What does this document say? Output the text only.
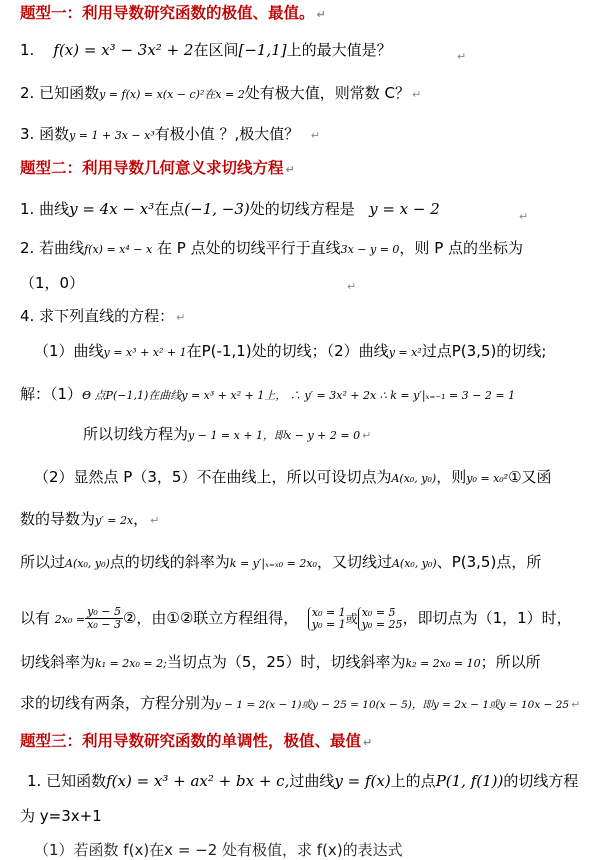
题型一：利用导数研究函数的极值、最值。 ↵
1. f(x) = x³ − 3x² + 2在区间[−1,1]上的最大值是？	↵
2. 已知函数y = f(x) = x(x − c)²在x = 2处有极大值，则常数 C？ ↵
3. 函数y = 1 + 3x − x³有极小值 ？,极大值？ ↵
题型二：利用导数几何意义求切线方程 ↵
1. 曲线y = 4x − x³在点(−1, −3)处的切线方程是 y = x − 2	↵
2. 若曲线f(x) = x⁴ − x 在 P 点处的切线平行于直线3x − y = 0，则 P 点的坐标为
（1，0）	↵
4. 求下列直线的方程： ↵
（1）曲线y = x³ + x² + 1在P(-1,1)处的切线；（2）曲线y = x²过点P(3,5)的切线;
解：（1）Θ 点P(−1,1)在曲线y = x³ + x² + 1上， ∴ y′ = 3x² + 2x ∴ k = y′|ₓ₌₋₁ = 3 − 2 = 1
所以切线方程为y − 1 = x + 1，即x − y + 2 = 0 ↵
（2）显然点 P（3，5）不在曲线上，所以可设切点为A(x₀, y₀)，则y₀ = x₀²①又函
数的导数为y′ = 2x， ↵
所以过A(x₀, y₀)点的切线的斜率为k = y′|ₓ₌ₓ₀ = 2x₀，又切线过A(x₀, y₀)、P(3,5)点，所
以有 $2x_0 = \frac{\text{y₀ − 5}}{\text{x₀ − 3}}$ ②，由①②联立方程组得， x₀ = 1
y₀ = 1 或 x₀ = 5
y₀ = 25 ，即切点为（1，1）时，
切线斜率为k₁ = 2x₀ = 2;当切点为（5，25）时，切线斜率为k₂ = 2x₀ = 10；所以所
求的切线有两条，方程分别为y − 1 = 2(x − 1)或y − 25 = 10(x − 5)，即y = 2x − 1或y = 10x − 25 ↵
题型三：利用导数研究函数的单调性，极值、最值 ↵
1. 已知函数f(x) = x³ + ax² + bx + c,过曲线y = f(x)上的点P(1, f(1))的切线方程
为 y=3x+1
（1）若函数 f(x)在x = −2 处有极值，求 f(x)的表达式
